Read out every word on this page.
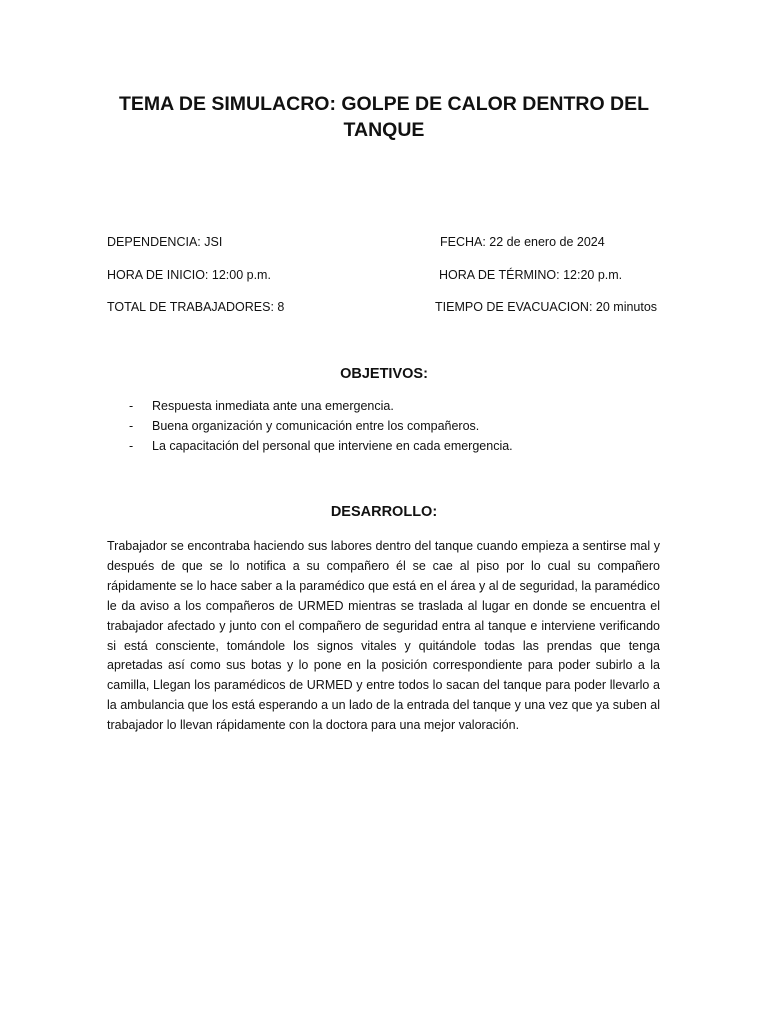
TEMA DE SIMULACRO: GOLPE DE CALOR DENTRO DEL TANQUE
DEPENDENCIA: JSI	FECHA: 22 de enero de 2024
HORA DE INICIO: 12:00 p.m.	HORA DE TÉRMINO: 12:20 p.m.
TOTAL DE TRABAJADORES: 8	TIEMPO DE EVACUACION: 20 minutos
OBJETIVOS:
- Respuesta inmediata ante una emergencia.
- Buena organización y comunicación entre los compañeros.
- La capacitación del personal que interviene en cada emergencia.
DESARROLLO:

Trabajador se encontraba haciendo sus labores dentro del tanque cuando empieza a sentirse mal y después de que se lo notifica a su compañero él se cae al piso por lo cual su compañero rápidamente se lo hace saber a la paramédico que está en el área y al de seguridad, la paramédico le da aviso a los compañeros de URMED mientras se traslada al lugar en donde se encuentra el trabajador afectado y junto con el compañero de seguridad entra al tanque e interviene verificando si está consciente, tomándole los signos vitales y quitándole todas las prendas que tenga apretadas así como sus botas y lo pone en la posición correspondiente para poder subirlo a la camilla, Llegan los paramédicos de URMED y entre todos lo sacan del tanque para poder llevarlo a la ambulancia que los está esperando a un lado de la entrada del tanque y una vez que ya suben al trabajador lo llevan rápidamente con la doctora para una mejor valoración.
